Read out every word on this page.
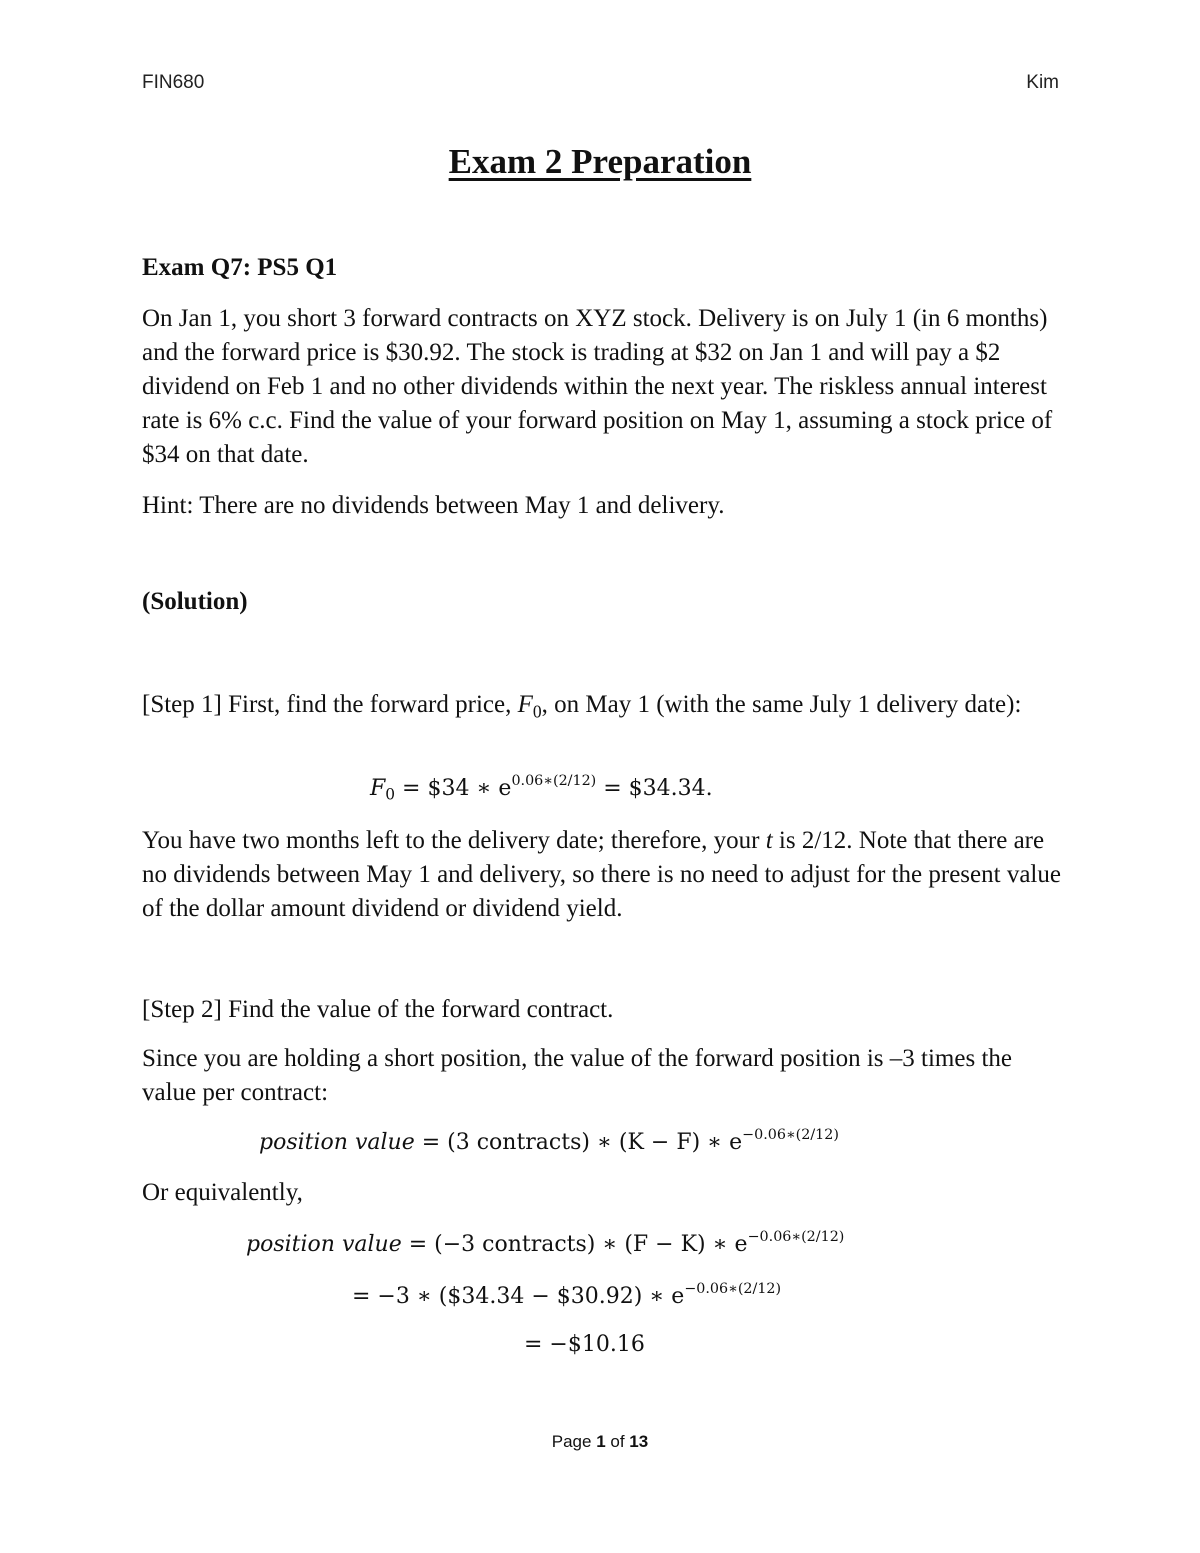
FIN680	Kim
Exam 2 Preparation
Exam Q7: PS5 Q1
On Jan 1, you short 3 forward contracts on XYZ stock. Delivery is on July 1 (in 6 months) and the forward price is $30.92. The stock is trading at $32 on Jan 1 and will pay a $2 dividend on Feb 1 and no other dividends within the next year. The riskless annual interest rate is 6% c.c. Find the value of your forward position on May 1, assuming a stock price of $34 on that date.
Hint: There are no dividends between May 1 and delivery.
(Solution)
[Step 1] First, find the forward price, $F_0$, on May 1 (with the same July 1 delivery date):
$F_0$ = $34 ∗ $e^{0.06∗(2/12)}$ = $34.34.
You have two months left to the delivery date; therefore, your t is 2/12. Note that there are no dividends between May 1 and delivery, so there is no need to adjust for the present value of the dollar amount dividend or dividend yield.
[Step 2] Find the value of the forward contract.
Since you are holding a short position, the value of the forward position is –3 times the value per contract:
position value = (3 contracts) ∗ (K − F) ∗ $e^{-0.06∗(2/12)}$
Or equivalently,
position value = (−3 contracts) ∗ (F − K) ∗ $e^{-0.06∗(2/12)}$
= −3 ∗ ($34.34 − $30.92) ∗ $e^{-0.06∗(2/12)}$
= −$10.16
Page 1 of 13
